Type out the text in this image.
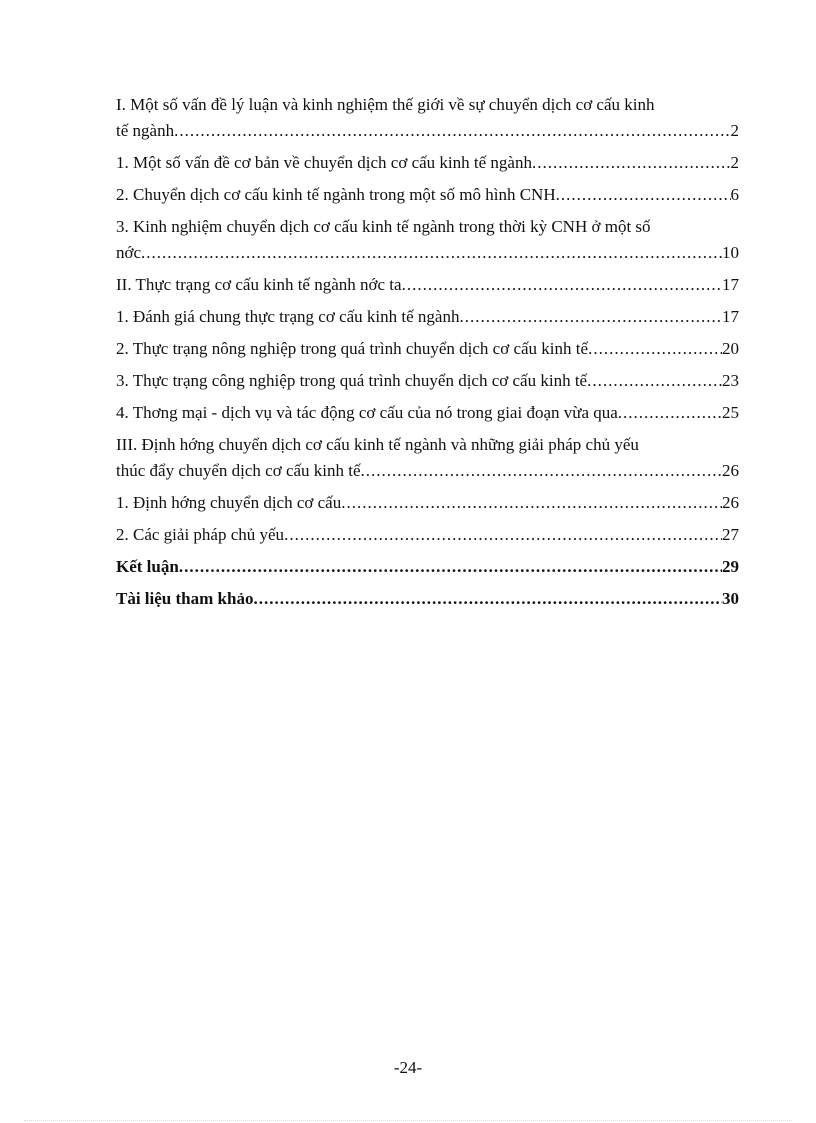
I. Một số vấn đề lý luận và kinh nghiệm thế giới về sự chuyển dịch cơ cấu kinh
tế ngành .....	2
1. Một số vấn đề cơ bản về chuyển dịch cơ cấu kinh tế ngành .....	2
2. Chuyển dịch cơ cấu kinh tế ngành trong một số mô hình CNH .....	6
3. Kinh nghiệm chuyển dịch cơ cấu kinh tế ngành trong thời kỳ CNH ở một số
nớc .....	10
II. Thực trạng cơ cấu kinh tế ngành nớc ta .....	17
1. Đánh giá chung thực trạng cơ cấu kinh tế ngành .....	17
2. Thực trạng nông nghiệp trong quá trình chuyển dịch cơ cấu kinh tế .....	20
3. Thực trạng công nghiệp trong quá trình chuyển dịch cơ cấu kinh tế .....	23
4. Thơng mại - dịch vụ và tác động cơ cấu của nó trong giai đoạn vừa qua .....	25
III. Định hớng chuyển dịch cơ cấu kinh tế ngành và những giải pháp chủ yếu
thúc đẩy chuyển dịch cơ cấu kinh tế .....	26
1. Định hớng chuyển dịch cơ cấu .....	26
2. Các giải pháp chủ yếu .....	27
Kết luận .....	29
Tài liệu tham khảo .....	30
-24-
